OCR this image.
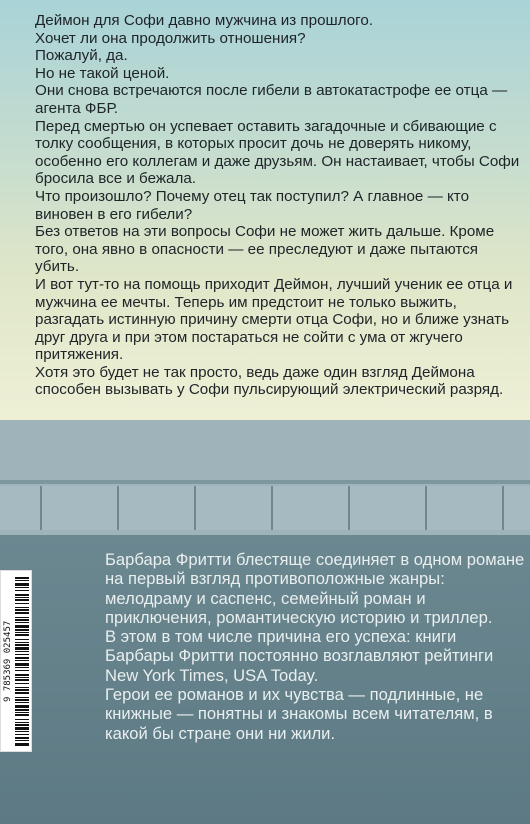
Деймон для Софи давно мужчина из прошлого.

Хочет ли она продолжить отношения?

Пожалуй, да.

Но не такой ценой.

Они снова встречаются после гибели в автокатастрофе ее отца — агента ФБР.

Перед смертью он успевает оставить загадочные и сбивающие с толку сообщения, в которых просит дочь не доверять никому, особенно его коллегам и даже друзьям. Он настаивает, чтобы Софи бросила все и бежала.

Что произошло? Почему отец так поступил? А главное — кто виновен в его гибели?

Без ответов на эти вопросы Софи не может жить дальше. Кроме того, она явно в опасности — ее преследуют и даже пытаются убить.

И вот тут-то на помощь приходит Деймон, лучший ученик ее отца и мужчина ее мечты. Теперь им предстоит не только выжить, разгадать истинную причину смерти отца Софи, но и ближе узнать друг друга и при этом постараться не сойти с ума от жгучего притяжения.

Хотя это будет не так просто, ведь даже один взгляд Деймона способен вызывать у Софи пульсирующий электрический разряд.

Барбара Фритти блестяще соединяет в одном романе на первый взгляд противоположные жанры: мелодраму и саспенс, семейный роман и приключения, романтическую историю и триллер.

В этом в том числе причина его успеха: книги Барбары Фритти постоянно возглавляют рейтинги New York Times, USA Today.

Герои ее романов и их чувства — подлинные, не книжные — понятны и знакомы всем читателям, в какой бы стране они ни жили.

9 785369 025457
